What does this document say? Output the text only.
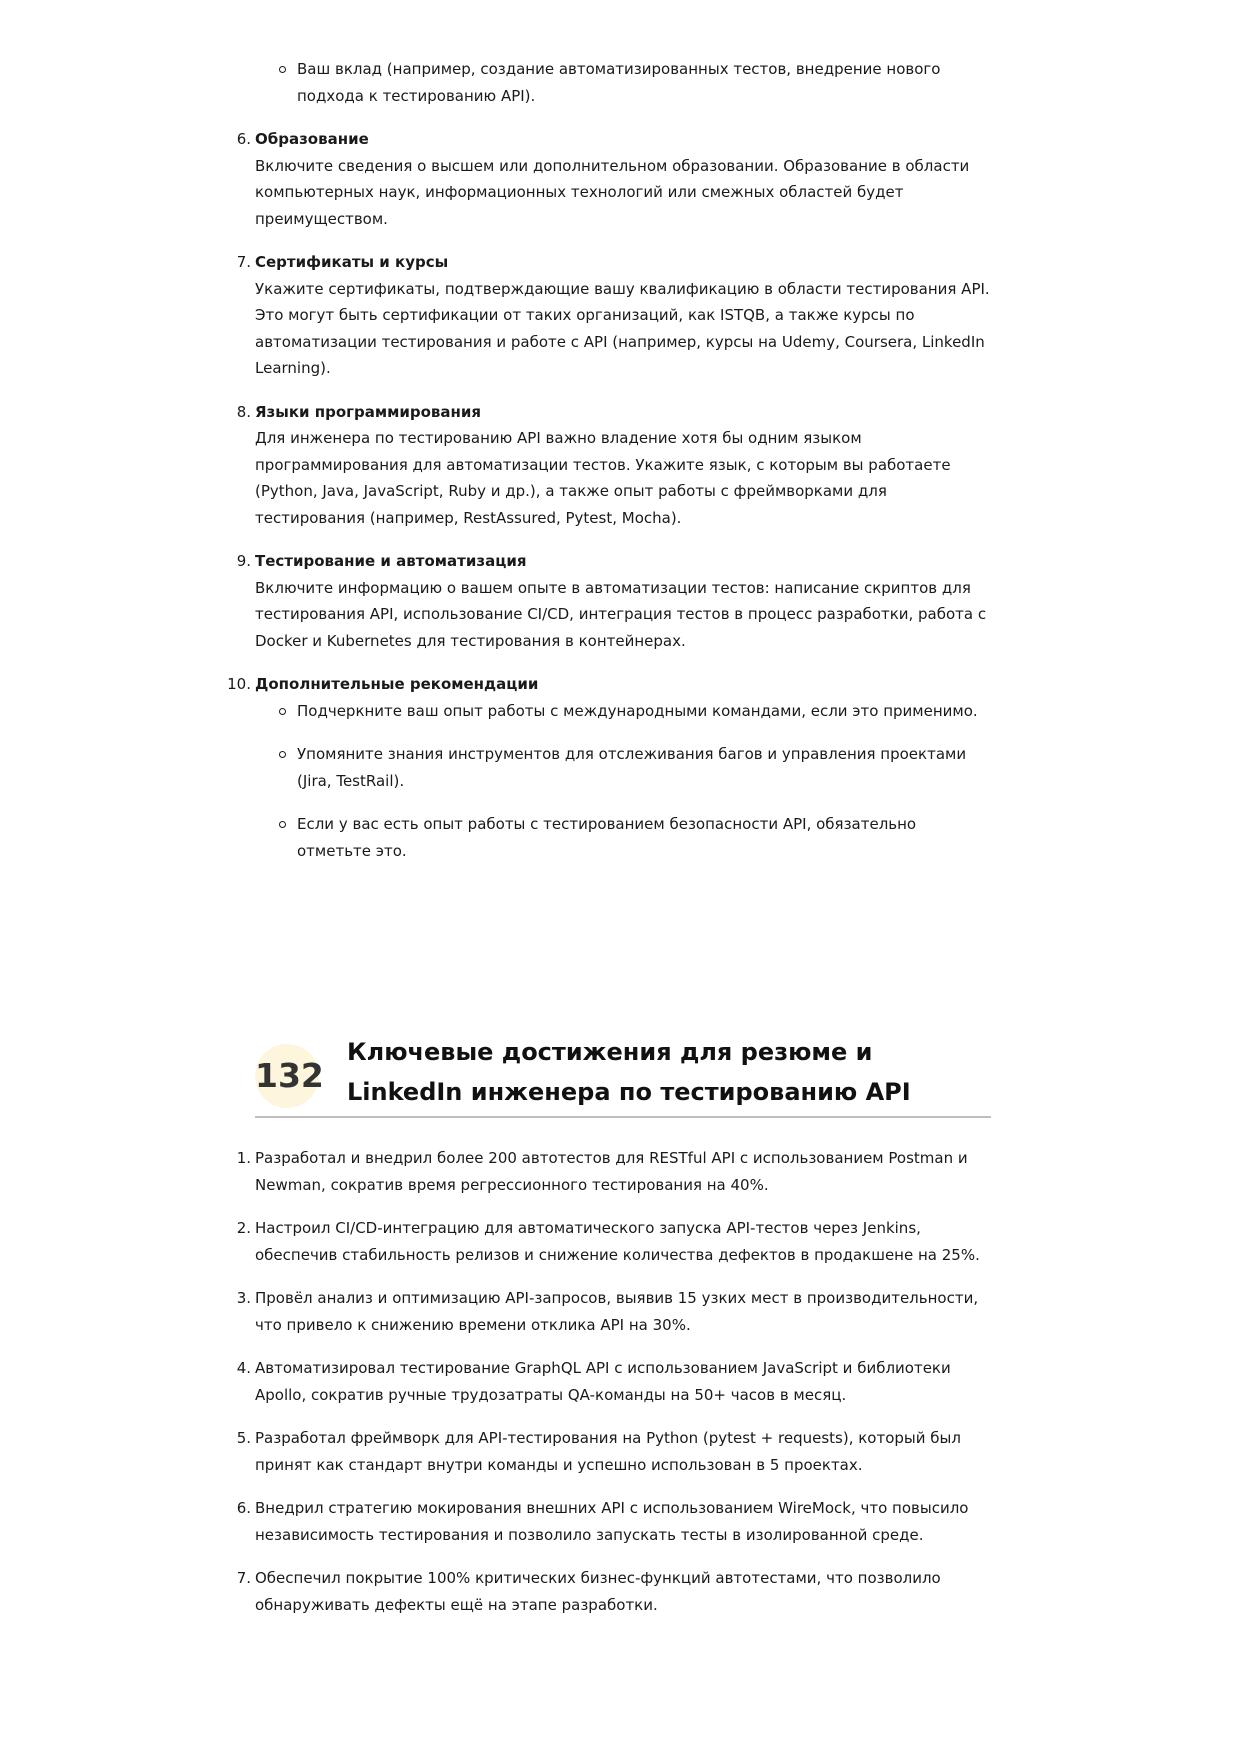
Ваш вклад (например, создание автоматизированных тестов, внедрение нового подхода к тестированию API).
6. Образование
Включите сведения о высшем или дополнительном образовании. Образование в области компьютерных наук, информационных технологий или смежных областей будет преимуществом.
7. Сертификаты и курсы
Укажите сертификаты, подтверждающие вашу квалификацию в области тестирования API. Это могут быть сертификации от таких организаций, как ISTQB, а также курсы по автоматизации тестирования и работе с API (например, курсы на Udemy, Coursera, LinkedIn Learning).
8. Языки программирования
Для инженера по тестированию API важно владение хотя бы одним языком программирования для автоматизации тестов. Укажите язык, с которым вы работаете (Python, Java, JavaScript, Ruby и др.), а также опыт работы с фреймворками для тестирования (например, RestAssured, Pytest, Mocha).
9. Тестирование и автоматизация
Включите информацию о вашем опыте в автоматизации тестов: написание скриптов для тестирования API, использование CI/CD, интеграция тестов в процесс разработки, работа с Docker и Kubernetes для тестирования в контейнерах.
10. Дополнительные рекомендации
Подчеркните ваш опыт работы с международными командами, если это применимо.
Упомяните знания инструментов для отслеживания багов и управления проектами (Jira, TestRail).
Если у вас есть опыт работы с тестированием безопасности API, обязательно отметьте это.
132
Ключевые достижения для резюме и LinkedIn инженера по тестированию API
1. Разработал и внедрил более 200 автотестов для RESTful API с использованием Postman и Newman, сократив время регрессионного тестирования на 40%.
2. Настроил CI/CD-интеграцию для автоматического запуска API-тестов через Jenkins, обеспечив стабильность релизов и снижение количества дефектов в продакшене на 25%.
3. Провёл анализ и оптимизацию API-запросов, выявив 15 узких мест в производительности, что привело к снижению времени отклика API на 30%.
4. Автоматизировал тестирование GraphQL API с использованием JavaScript и библиотеки Apollo, сократив ручные трудозатраты QA-команды на 50+ часов в месяц.
5. Разработал фреймворк для API-тестирования на Python (pytest + requests), который был принят как стандарт внутри команды и успешно использован в 5 проектах.
6. Внедрил стратегию мокирования внешних API с использованием WireMock, что повысило независимость тестирования и позволило запускать тесты в изолированной среде.
7. Обеспечил покрытие 100% критических бизнес-функций автотестами, что позволило обнаруживать дефекты ещё на этапе разработки.
